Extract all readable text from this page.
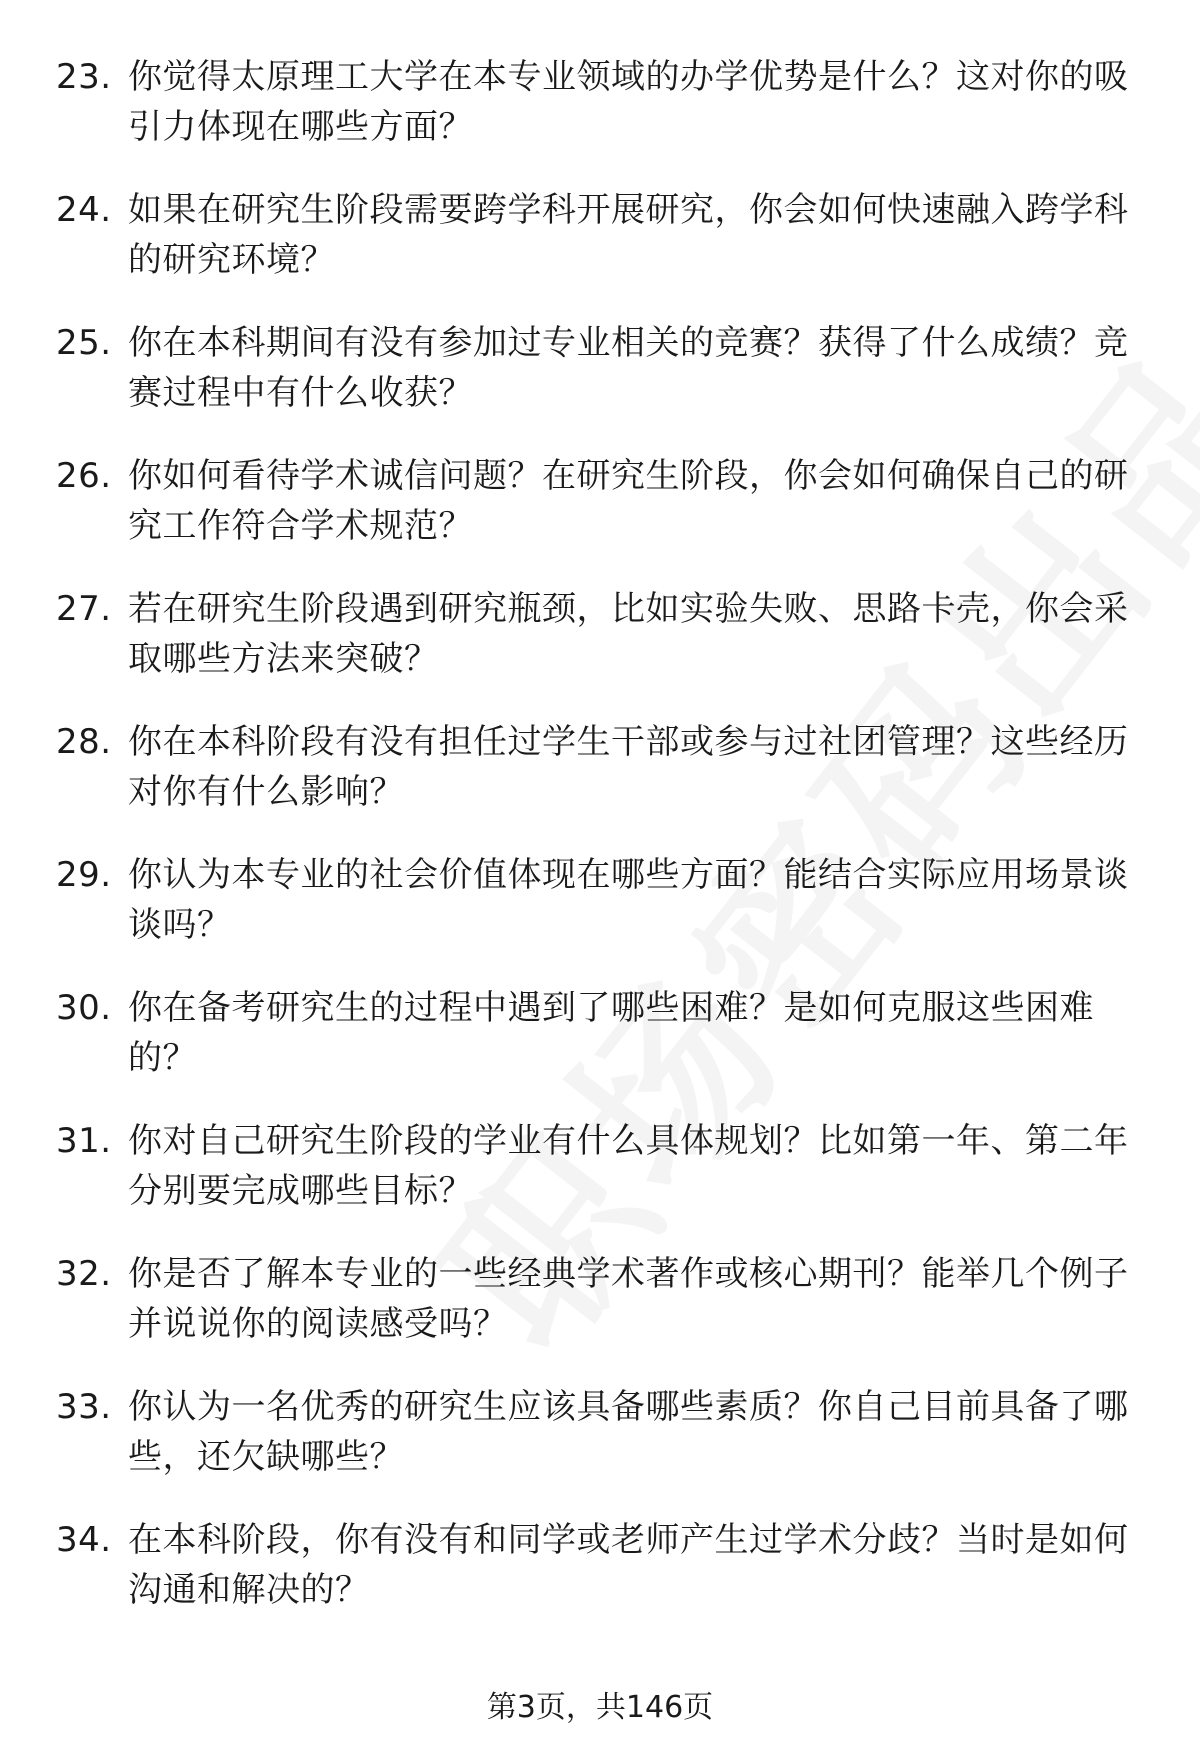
23. 你觉得太原理工大学在本专业领域的办学优势是什么？这对你的吸引力体现在哪些方面？
24. 如果在研究生阶段需要跨学科开展研究，你会如何快速融入跨学科的研究环境？
25. 你在本科期间有没有参加过专业相关的竞赛？获得了什么成绩？竞赛过程中有什么收获？
26. 你如何看待学术诚信问题？在研究生阶段，你会如何确保自己的研究工作符合学术规范？
27. 若在研究生阶段遇到研究瓶颈，比如实验失败、思路卡壳，你会采取哪些方法来突破？
28. 你在本科阶段有没有担任过学生干部或参与过社团管理？这些经历对你有什么影响？
29. 你认为本专业的社会价值体现在哪些方面？能结合实际应用场景谈谈吗？
30. 你在备考研究生的过程中遇到了哪些困难？是如何克服这些困难的？
31. 你对自己研究生阶段的学业有什么具体规划？比如第一年、第二年分别要完成哪些目标？
32. 你是否了解本专业的一些经典学术著作或核心期刊？能举几个例子并说说你的阅读感受吗？
33. 你认为一名优秀的研究生应该具备哪些素质？你自己目前具备了哪些，还欠缺哪些？
34. 在本科阶段，你有没有和同学或老师产生过学术分歧？当时是如何沟通和解决的？
第3页，共146页
